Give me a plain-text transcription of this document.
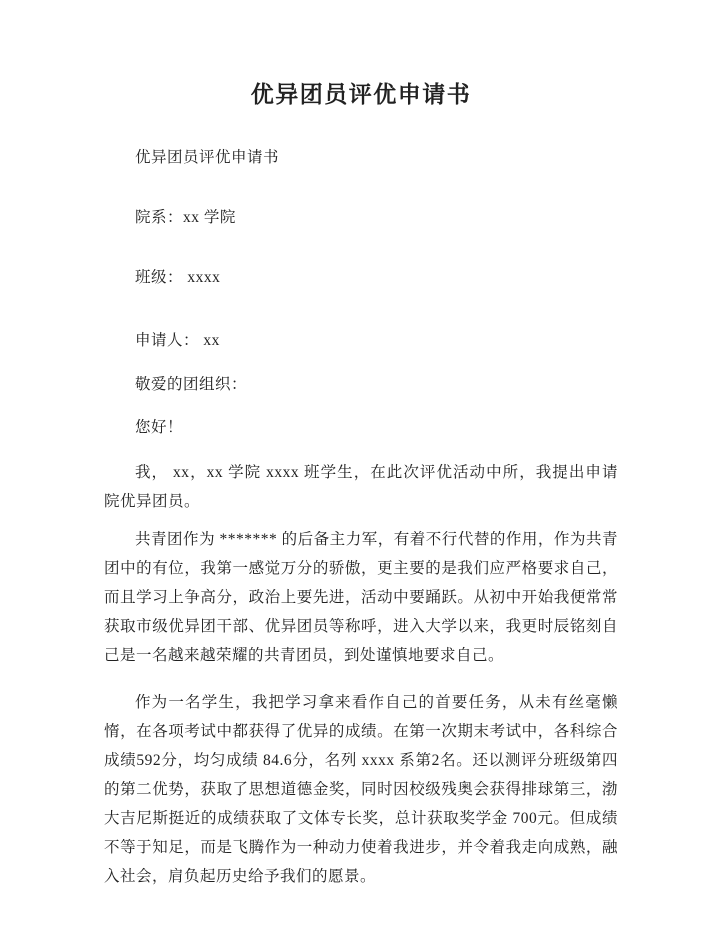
优异团员评优申请书

优异团员评优申请书

院系：xx 学院

班级： xxxx

申请人： xx

敬爱的团组织：

您好！

我， xx，xx 学院 xxxx 班学生，在此次评优活动中所，我提出申请院优异团员。

共青团作为 ******* 的后备主力军，有着不行代替的作用，作为共青团中的有位，我第一感觉万分的骄傲，更主要的是我们应严格要求自己，而且学习上争高分，政治上要先进，活动中要踊跃。从初中开始我便常常获取市级优异团干部、优异团员等称呼，进入大学以来，我更时辰铭刻自己是一名越来越荣耀的共青团员，到处谨慎地要求自己。

作为一名学生，我把学习拿来看作自己的首要任务，从未有丝毫懒惰，在各项考试中都获得了优异的成绩。在第一次期末考试中，各科综合成绩592分，均匀成绩 84.6分，名列 xxxx 系第2名。还以测评分班级第四的第二优势，获取了思想道德金奖，同时因校级残奥会获得排球第三，渤大吉尼斯挺近的成绩获取了文体专长奖，总计获取奖学金 700元。但成绩不等于知足，而是飞腾作为一种动力使着我进步，并令着我走向成熟，融入社会，肩负起历史给予我们的愿景。
